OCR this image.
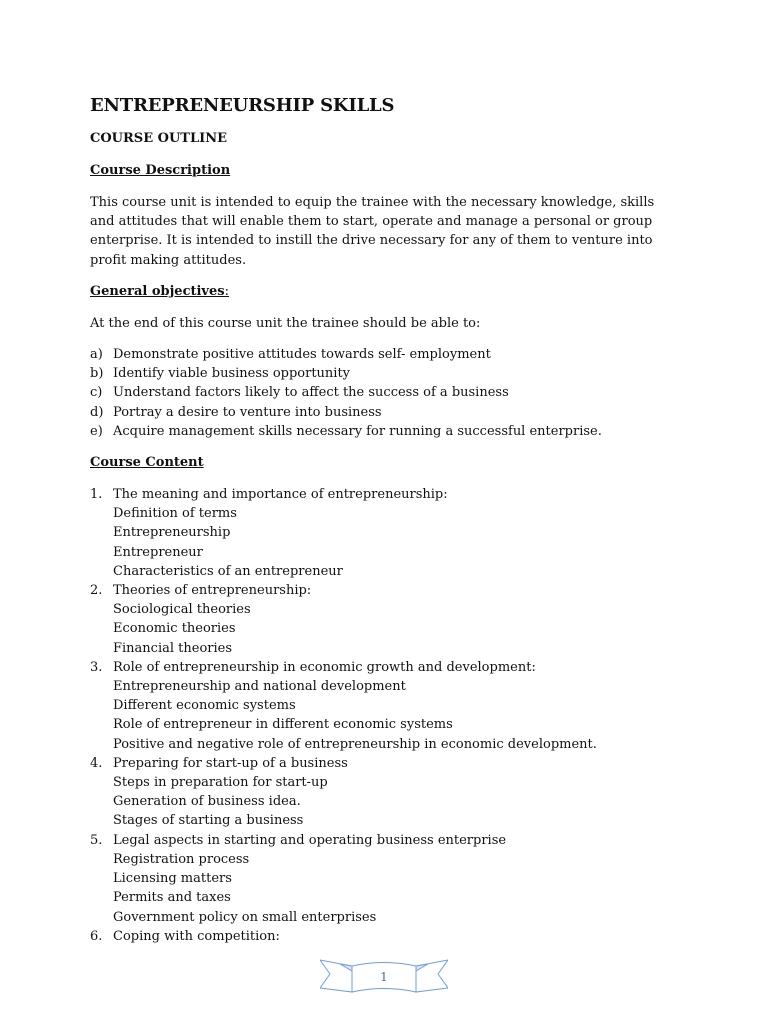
ENTREPRENEURSHIP SKILLS
COURSE OUTLINE
Course Description

This course unit is intended to equip the trainee with the necessary knowledge, skills and attitudes that will enable them to start, operate and manage a personal or group enterprise. It is intended to instill the drive necessary for any of them to venture into profit making attitudes.

General objectives:

At the end of this course unit the trainee should be able to:

a) Demonstrate positive attitudes towards self- employment
b) Identify viable business opportunity
c) Understand factors likely to affect the success of a business
d) Portray a desire to venture into business
e) Acquire management skills necessary for running a successful enterprise.
Course Content
1. The meaning and importance of entrepreneurship:
Definition of terms
Entrepreneurship
Entrepreneur
Characteristics of an entrepreneur
2. Theories of entrepreneurship:
Sociological theories
Economic theories
Financial theories
3. Role of entrepreneurship in economic growth and development:
Entrepreneurship and national development
Different economic systems
Role of entrepreneur in different economic systems
Positive and negative role of entrepreneurship in economic development.
4. Preparing for start-up of a business
Steps in preparation for start-up
Generation of business idea.
Stages of starting a business
5. Legal aspects in starting and operating business enterprise
Registration process
Licensing matters
Permits and taxes
Government policy on small enterprises
6. Coping with competition:
1
